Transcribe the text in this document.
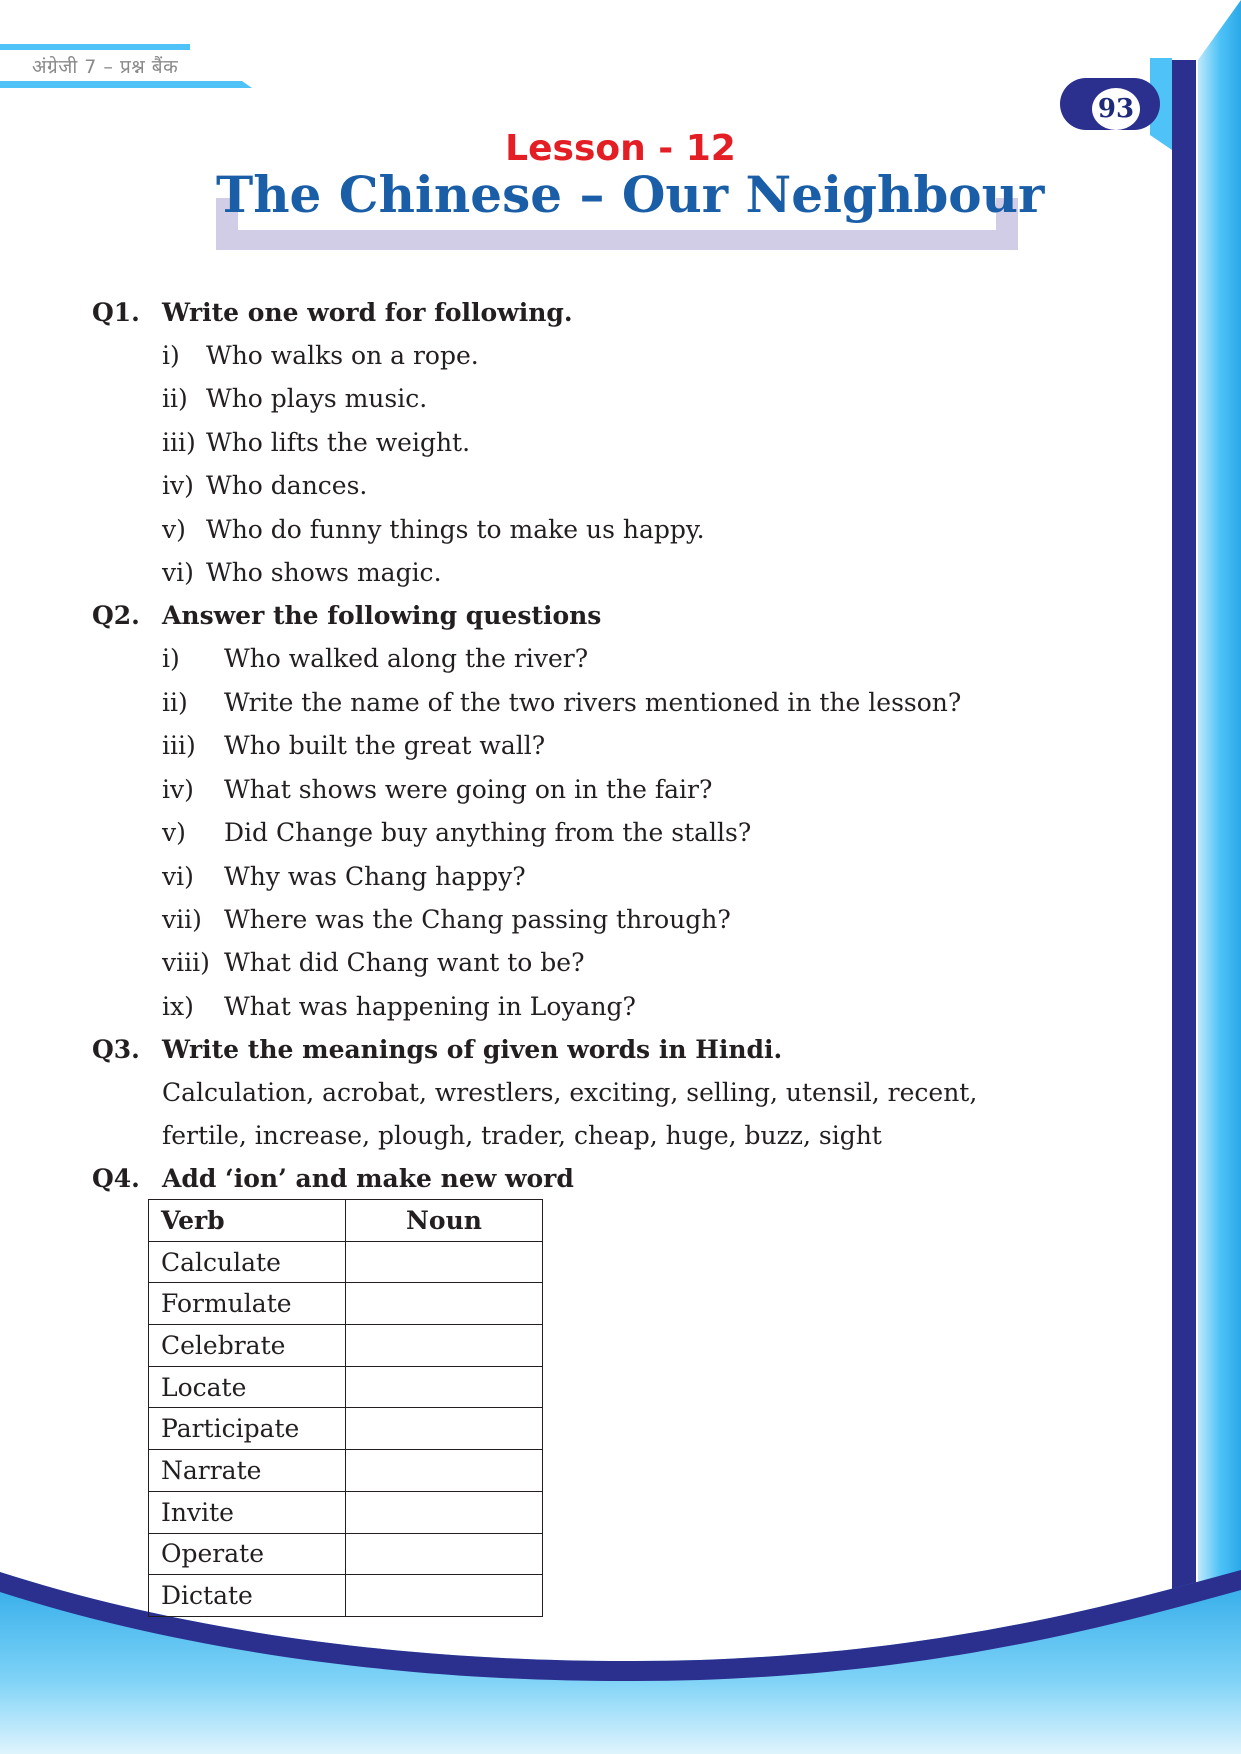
अंग्रेजी 7 – प्रश्न बैंक
93
Lesson - 12
The Chinese – Our Neighbour
Q1. Write one word for following.
i) Who walks on a rope.
ii) Who plays music.
iii) Who lifts the weight.
iv) Who dances.
v) Who do funny things to make us happy.
vi) Who shows magic.
Q2. Answer the following questions
i) Who walked along the river?
ii) Write the name of the two rivers mentioned in the lesson?
iii) Who built the great wall?
iv) What shows were going on in the fair?
v) Did Change buy anything from the stalls?
vi) Why was Chang happy?
vii) Where was the Chang passing through?
viii) What did Chang want to be?
ix) What was happening in Loyang?
Q3. Write the meanings of given words in Hindi.
Calculation, acrobat, wrestlers, exciting, selling, utensil, recent,
fertile, increase, plough, trader, cheap, huge, buzz, sight
Q4. Add ‘ion’ and make new word
Verb	Noun
Calculate	
Formulate	
Celebrate	
Locate	
Participate	
Narrate	
Invite	
Operate	
Dictate	
